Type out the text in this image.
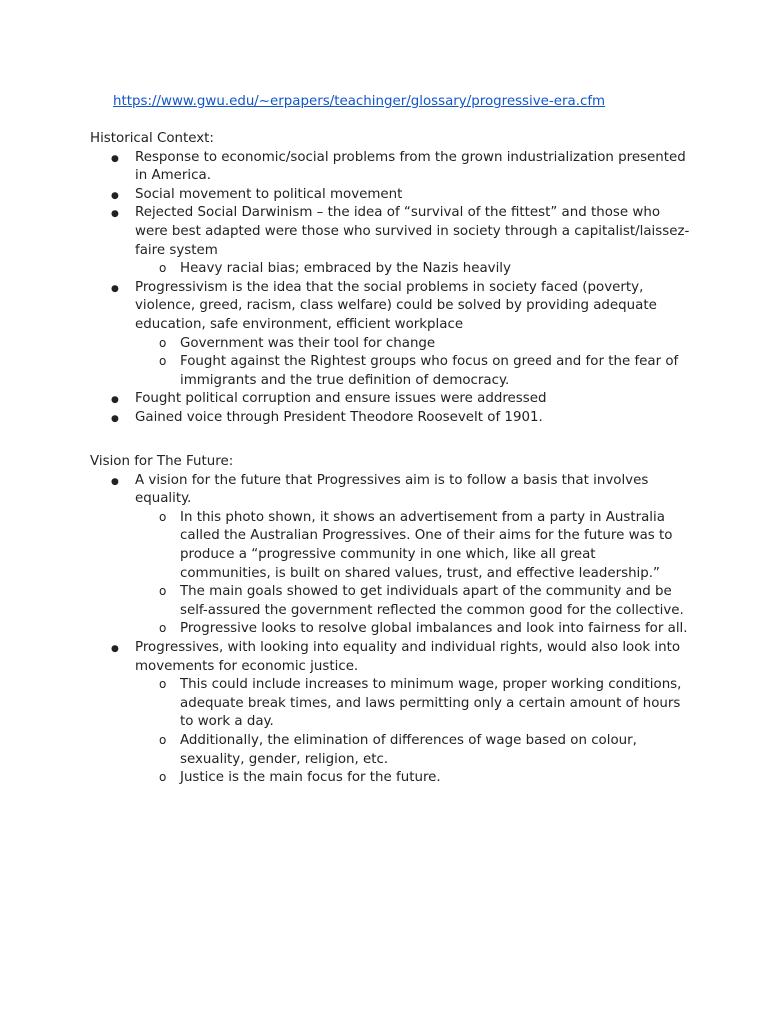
https://www.gwu.edu/~erpapers/teachinger/glossary/progressive-era.cfm

Historical Context:

● Response to economic/social problems from the grown industrialization presented in America.
● Social movement to political movement
● Rejected Social Darwinism – the idea of “survival of the fittest” and those who were best adapted were those who survived in society through a capitalist/laissez-faire system
o Heavy racial bias; embraced by the Nazis heavily
● Progressivism is the idea that the social problems in society faced (poverty, violence, greed, racism, class welfare) could be solved by providing adequate education, safe environment, efficient workplace
o Government was their tool for change
o Fought against the Rightest groups who focus on greed and for the fear of immigrants and the true definition of democracy.
● Fought political corruption and ensure issues were addressed
● Gained voice through President Theodore Roosevelt of 1901.

Vision for The Future:

● A vision for the future that Progressives aim is to follow a basis that involves equality.
o In this photo shown, it shows an advertisement from a party in Australia called the Australian Progressives. One of their aims for the future was to produce a “progressive community in one which, like all great communities, is built on shared values, trust, and effective leadership.”
o The main goals showed to get individuals apart of the community and be self-assured the government reflected the common good for the collective.
o Progressive looks to resolve global imbalances and look into fairness for all.
● Progressives, with looking into equality and individual rights, would also look into movements for economic justice.
o This could include increases to minimum wage, proper working conditions, adequate break times, and laws permitting only a certain amount of hours to work a day.
o Additionally, the elimination of differences of wage based on colour, sexuality, gender, religion, etc.
o Justice is the main focus for the future.
